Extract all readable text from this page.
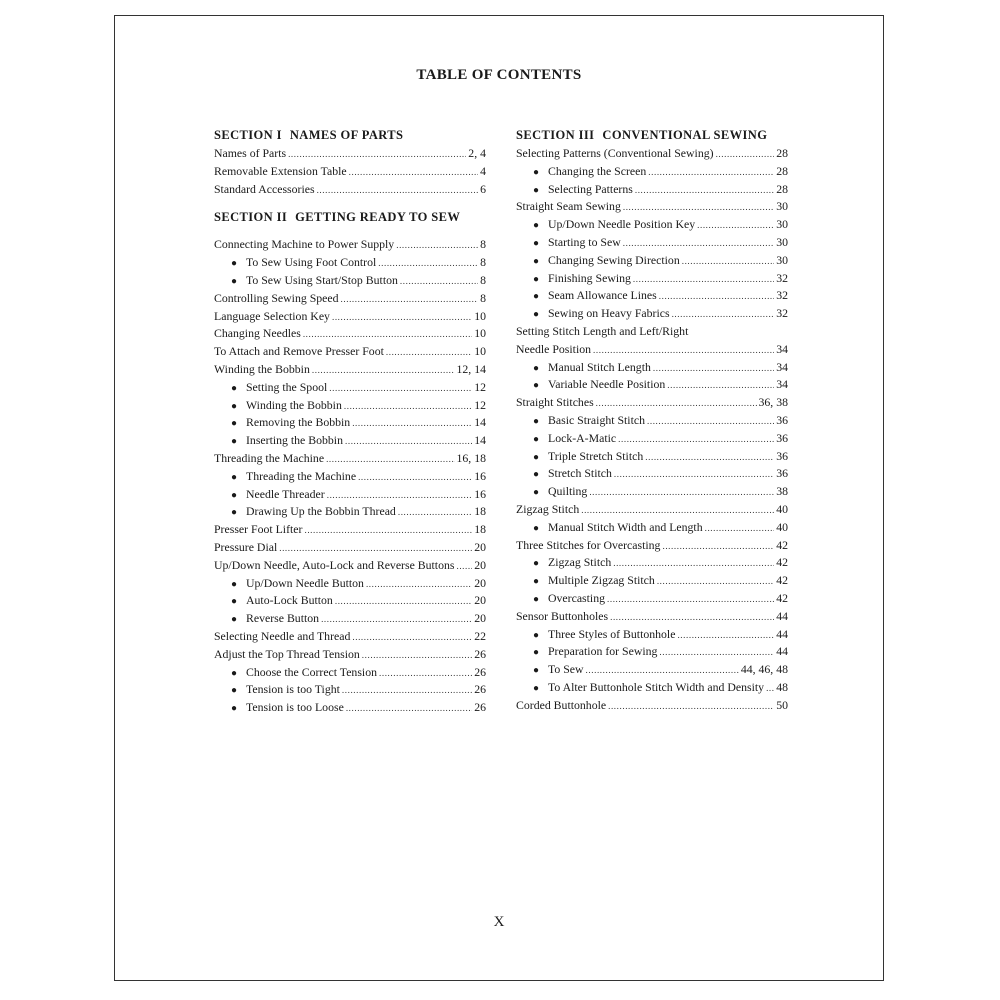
TABLE OF CONTENTS
SECTION I NAMES OF PARTS
Names of Parts .....	2, 4
Removable Extension Table .....	4
Standard Accessories .....	6
SECTION II GETTING READY TO SEW
Connecting Machine to Power Supply .....	8
● To Sew Using Foot Control .....	8
● To Sew Using Start/Stop Button .....	8
Controlling Sewing Speed .....	8
Language Selection Key .....	10
Changing Needles .....	10
To Attach and Remove Presser Foot .....	10
Winding the Bobbin .....	12, 14
● Setting the Spool .....	12
● Winding the Bobbin .....	12
● Removing the Bobbin .....	14
● Inserting the Bobbin .....	14
Threading the Machine .....	16, 18
● Threading the Machine .....	16
● Needle Threader .....	16
● Drawing Up the Bobbin Thread .....	18
Presser Foot Lifter .....	18
Pressure Dial .....	20
Up/Down Needle, Auto-Lock and Reverse Buttons ..... 20
● Up/Down Needle Button .....	20
● Auto-Lock Button .....	20
● Reverse Button .....	20
Selecting Needle and Thread .....	22
Adjust the Top Thread Tension .....	26
● Choose the Correct Tension .....	26
● Tension is too Tight .....	26
● Tension is too Loose .....	26
SECTION III CONVENTIONAL SEWING
Selecting Patterns (Conventional Sewing) .....	28
● Changing the Screen .....	28
● Selecting Patterns .....	28
Straight Seam Sewing .....	30
● Up/Down Needle Position Key .....	30
● Starting to Sew .....	30
● Changing Sewing Direction .....	30
● Finishing Sewing .....	32
● Seam Allowance Lines .....	32
● Sewing on Heavy Fabrics .....	32
Setting Stitch Length and Left/Right
Needle Position .....	34
● Manual Stitch Length .....	34
● Variable Needle Position .....	34
Straight Stitches .....	36, 38
● Basic Straight Stitch .....	36
● Lock-A-Matic .....	36
● Triple Stretch Stitch .....	36
● Stretch Stitch .....	36
● Quilting .....	38
Zigzag Stitch .....	40
● Manual Stitch Width and Length .....	40
Three Stitches for Overcasting .....	42
● Zigzag Stitch .....	42
● Multiple Zigzag Stitch .....	42
● Overcasting .....	42
Sensor Buttonholes .....	44
● Three Styles of Buttonhole .....	44
● Preparation for Sewing .....	44
● To Sew .....	44, 46, 48
● To Alter Buttonhole Stitch Width and Density ..... 48
Corded Buttonhole .....	50
X
